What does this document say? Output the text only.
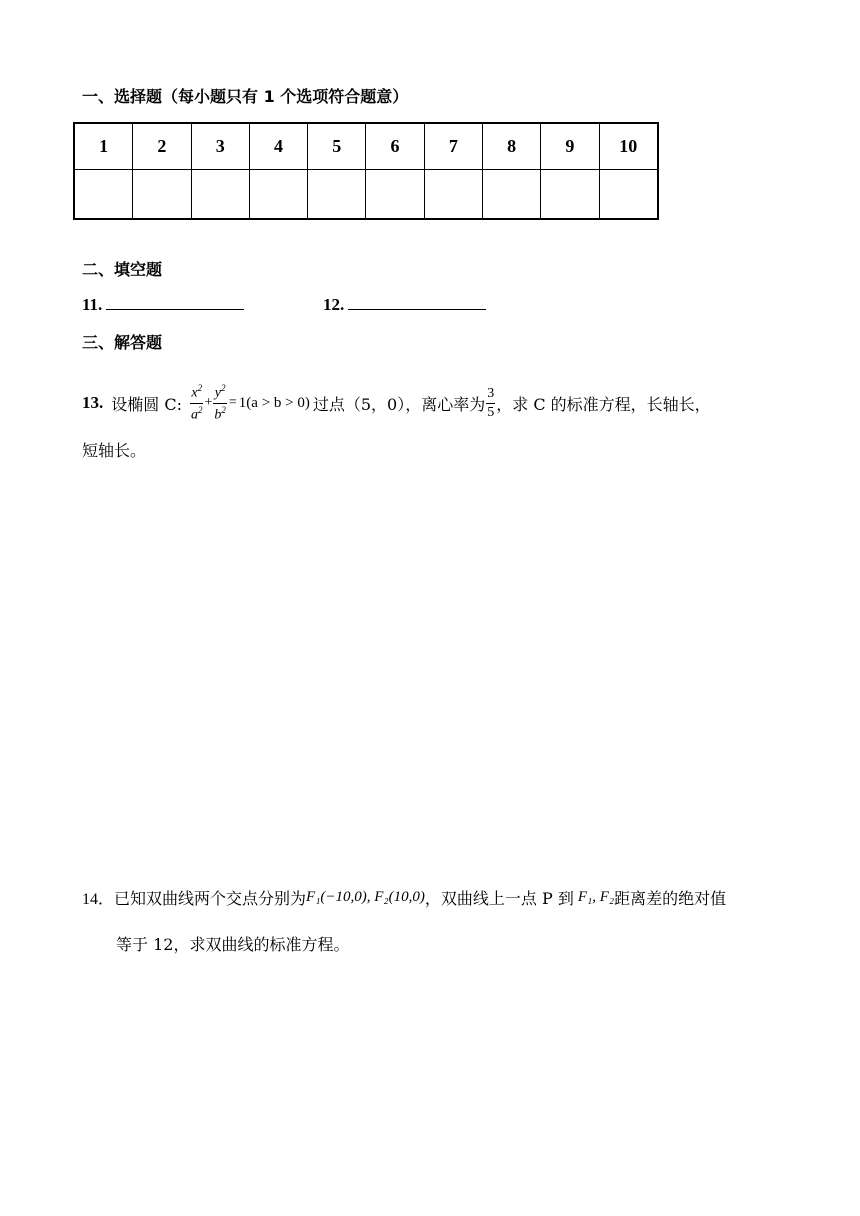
一、选择题（每小题只有 1 个选项符合题意）
1	2	3	4	5	6	7	8	9	10

二、填空题
11.	12.
三、解答题
13. 设椭圆 C: $\frac{x^2}{a^2} + \frac{y^2}{b^2} = 1(a > b > 0)$ 过点（5，0），离心率为 $\frac{3}{5}$ ，求 C 的标准方程，长轴长，
短轴长。
14． 已知双曲线两个交点分别为 F₁(−10,0), F₂(10,0) ，双曲线上一点 P 到 F₁, F₂ 距离差的绝对值
等于 12，求双曲线的标准方程。
